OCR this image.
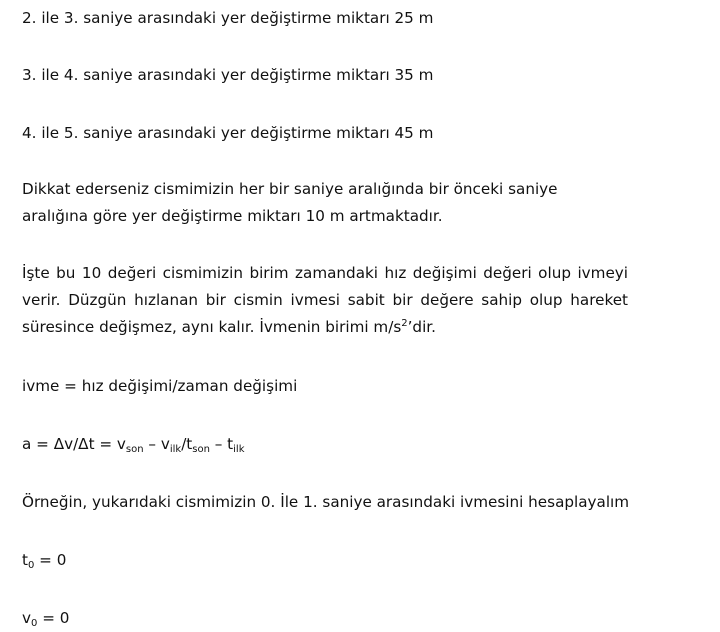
2. ile 3. saniye arasındaki yer değiştirme miktarı 25 m
3. ile 4. saniye arasındaki yer değiştirme miktarı 35 m
4. ile 5. saniye arasındaki yer değiştirme miktarı 45 m
Dikkat ederseniz cismimizin her bir saniye aralığında bir önceki saniye aralığına göre yer değiştirme miktarı 10 m artmaktadır.
İşte bu 10 değeri cismimizin birim zamandaki hız değişimi değeri olup ivmeyi verir. Düzgün hızlanan bir cismin ivmesi sabit bir değere sahip olup hareket süresince değişmez, aynı kalır. İvmenin birimi $m/s^2’dir$.
ivme = hız değişimi/zaman değişimi
$a = \Delta v/\Delta t = v_{son} - v_{ilk}/t_{son} - t_{ilk}$
Örneğin, yukarıdaki cismimizin 0. İle 1. saniye arasındaki ivmesini hesaplayalım
$t_0 = 0$
$v_0 = 0$
